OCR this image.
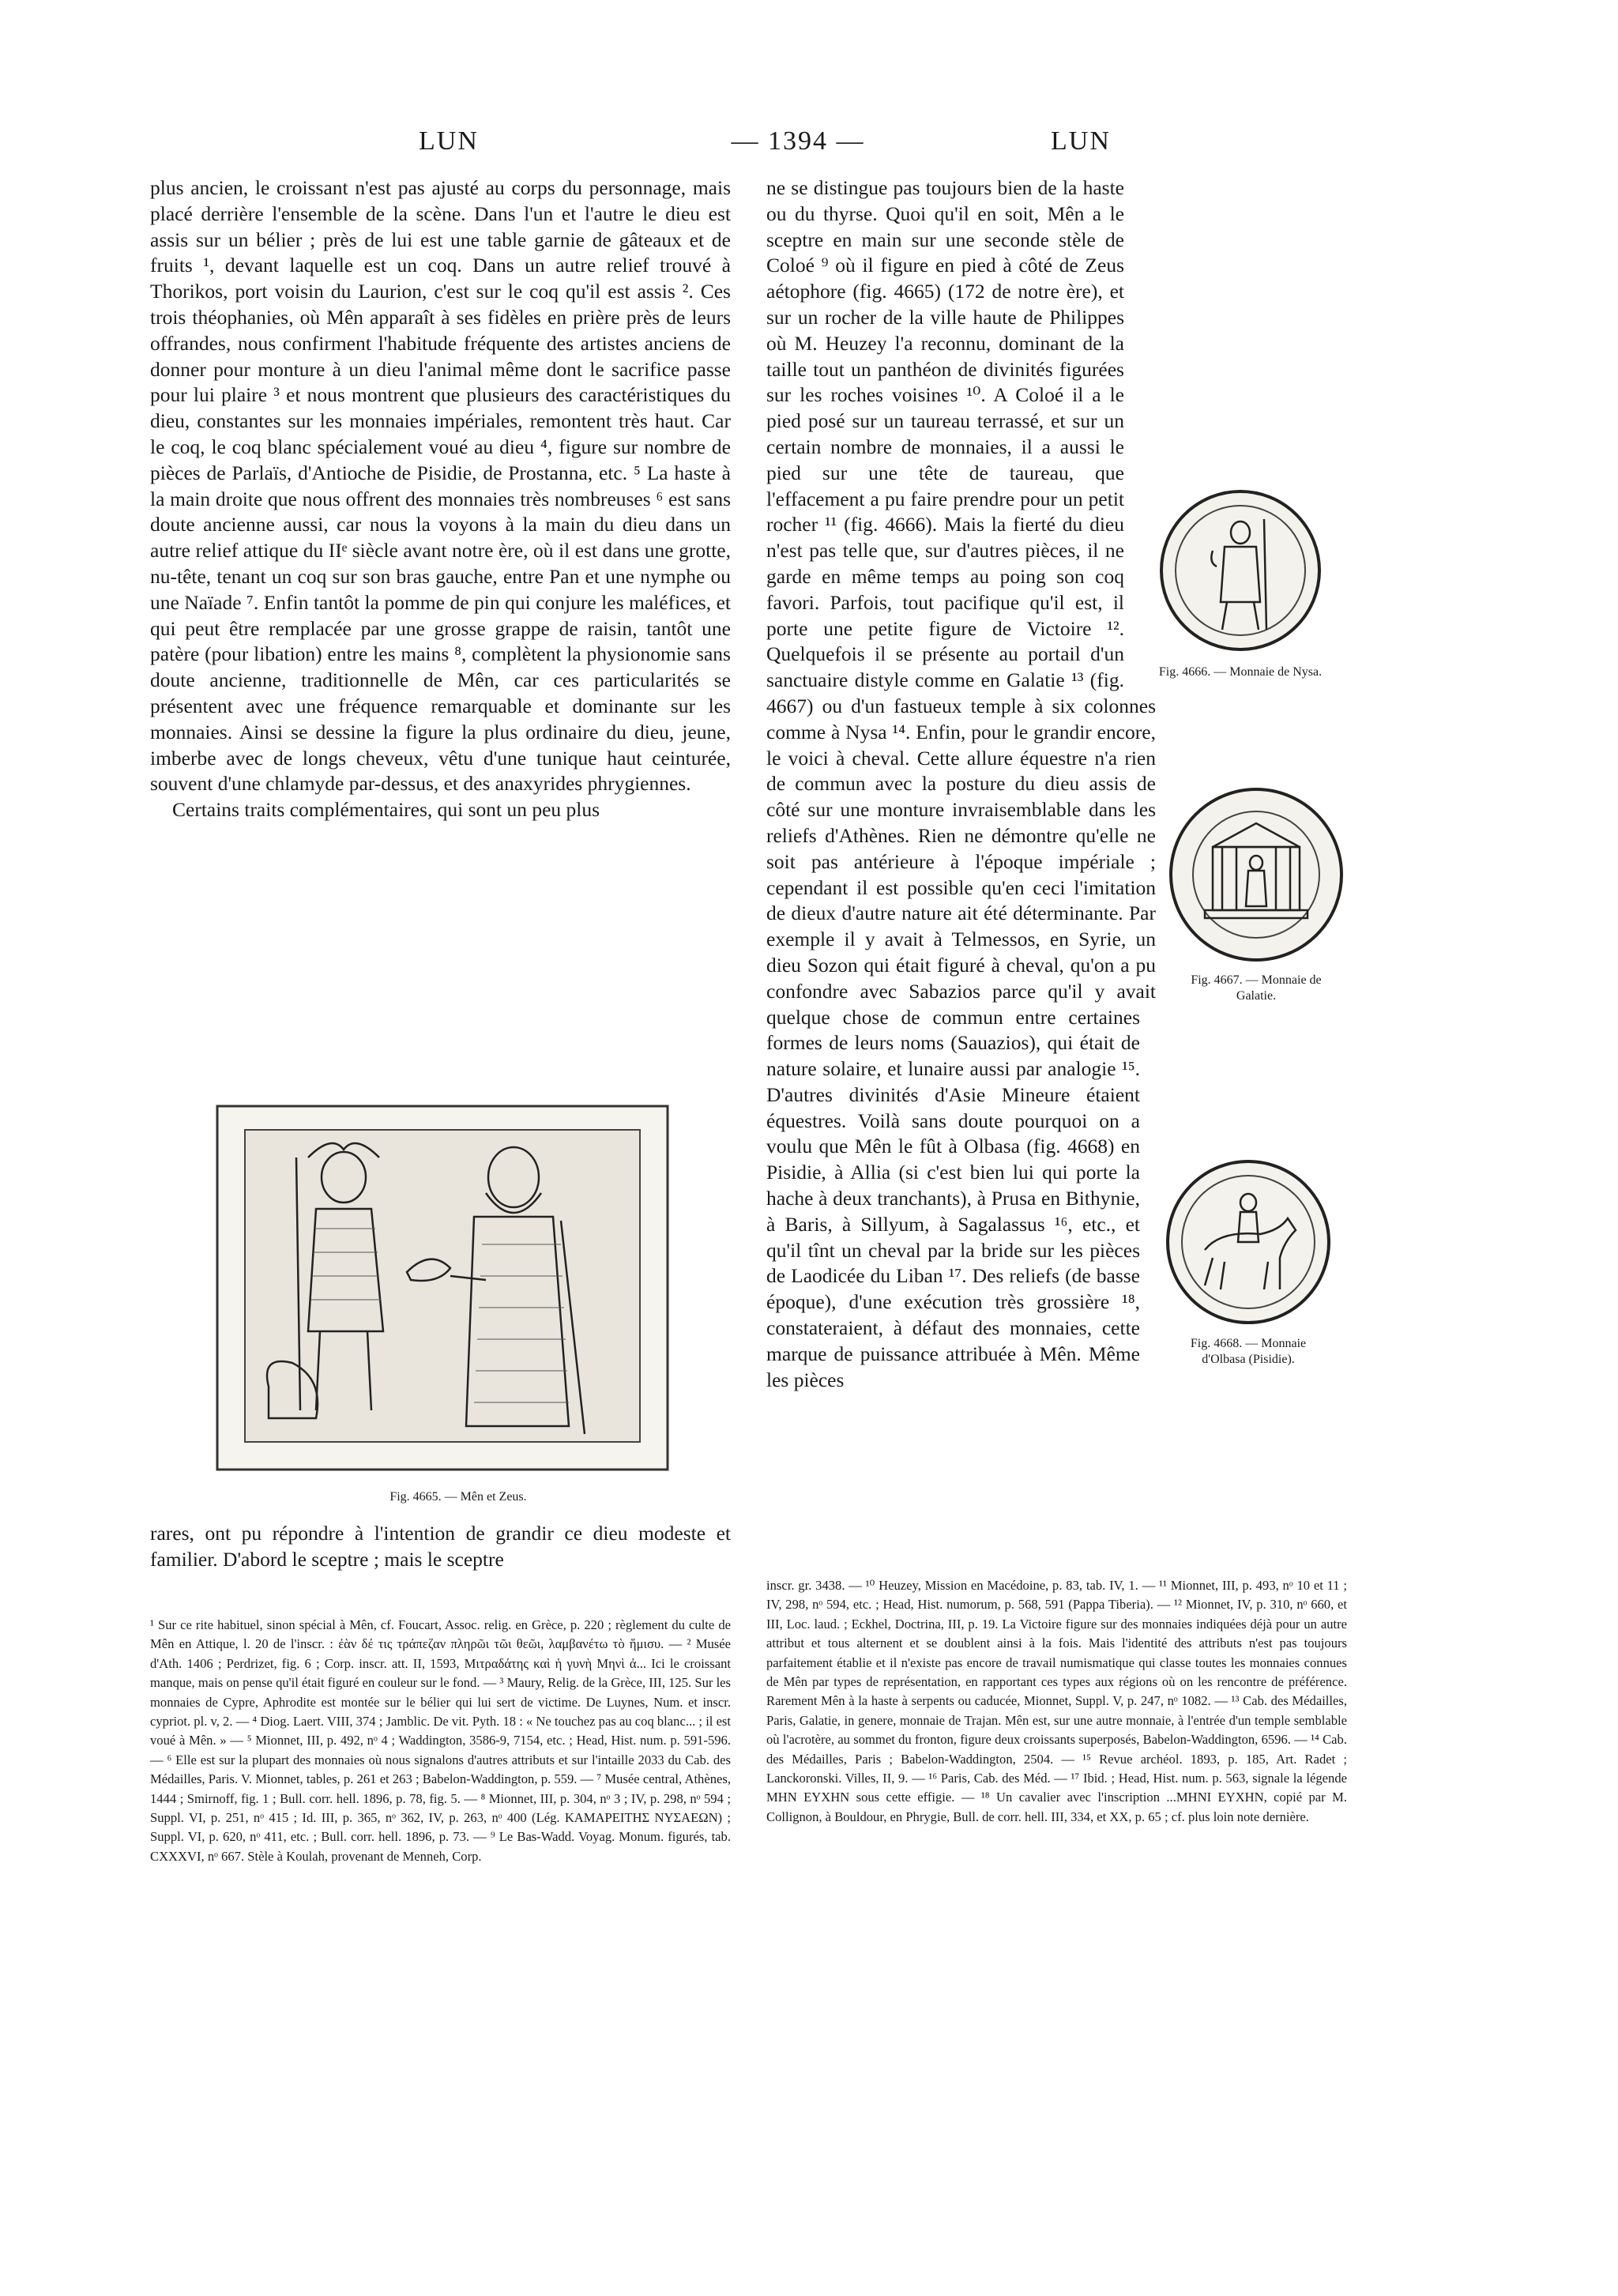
LUN	— 1394 —	LUN

plus ancien, le croissant n'est pas ajusté au corps du personnage, mais placé derrière l'ensemble de la scène. Dans l'un et l'autre le dieu est assis sur un bélier ; près de lui est une table garnie de gâteaux et de fruits ¹, devant laquelle est un coq. Dans un autre relief trouvé à Thorikos, port voisin du Laurion, c'est sur le coq qu'il est assis ². Ces trois théophanies, où Mên apparaît à ses fidèles en prière près de leurs offrandes, nous confirment l'habitude fréquente des artistes anciens de donner pour monture à un dieu l'animal même dont le sacrifice passe pour lui plaire ³ et nous montrent que plusieurs des caractéristiques du dieu, constantes sur les monnaies impériales, remontent très haut. Car le coq, le coq blanc spécialement voué au dieu ⁴, figure sur nombre de pièces de Parlaïs, d'Antioche de Pisidie, de Prostanna, etc. ⁵ La haste à la main droite que nous offrent des monnaies très nombreuses ⁶ est sans doute ancienne aussi, car nous la voyons à la main du dieu dans un autre relief attique du IIᵉ siècle avant notre ère, où il est dans une grotte, nu-tête, tenant un coq sur son bras gauche, entre Pan et une nymphe ou une Naïade ⁷. Enfin tantôt la pomme de pin qui conjure les maléfices, et qui peut être remplacée par une grosse grappe de raisin, tantôt une patère (pour libation) entre les mains ⁸, complètent la physionomie sans doute ancienne, traditionnelle de Mên, car ces particularités se présentent avec une fréquence remarquable et dominante sur les monnaies. Ainsi se dessine la figure la plus ordinaire du dieu, jeune, imberbe avec de longs cheveux, vêtu d'une tunique haut ceinturée, souvent d'une chlamyde par-dessus, et des anaxyrides phrygiennes.

Certains traits complémentaires, qui sont un peu plus

Fig. 4665. — Mên et Zeus.

rares, ont pu répondre à l'intention de grandir ce dieu modeste et familier. D'abord le sceptre ; mais le sceptre

¹ Sur ce rite habituel, sinon spécial à Mên, cf. Foucart, Assoc. relig. en Grèce, p. 220 ; règlement du culte de Mên en Attique, l. 20 de l'inscr. : ἐὰν δέ τις τράπεζαν πληρῶι τῶι θεῶι, λαμβανέτω τὸ ἥμισυ. — ² Musée d'Ath. 1406 ; Perdrizet, fig. 6 ; Corp. inscr. att. II, 1593, Μιτραδάτης καὶ ἡ γυνὴ Μηνὶ ἀ... Ici le croissant manque, mais on pense qu'il était figuré en couleur sur le fond. — ³ Maury, Relig. de la Grèce, III, 125. Sur les monnaies de Cypre, Aphrodite est montée sur le bélier qui lui sert de victime. De Luynes, Num. et inscr. cypriot. pl. v, 2. — ⁴ Diog. Laert. VIII, 374 ; Jamblic. De vit. Pyth. 18 : « Ne touchez pas au coq blanc... ; il est voué à Mên. » — ⁵ Mionnet, III, p. 492, nᵒ 4 ; Waddington, 3586-9, 7154, etc. ; Head, Hist. num. p. 591-596. — ⁶ Elle est sur la plupart des monnaies où nous signalons d'autres attributs et sur l'intaille 2033 du Cab. des Médailles, Paris. V. Mionnet, tables, p. 261 et 263 ; Babelon-Waddington, p. 559. — ⁷ Musée central, Athènes, 1444 ; Smirnoff, fig. 1 ; Bull. corr. hell. 1896, p. 78, fig. 5. — ⁸ Mionnet, III, p. 304, nᵒ 3 ; IV, p. 298, nᵒ 594 ; Suppl. VI, p. 251, nᵒ 415 ; Id. III, p. 365, nᵒ 362, IV, p. 263, nᵒ 400 (Lég. ΚΑΜΑΡΕΙΤΗΣ ΝΥΣΑΕΩΝ) ; Suppl. VI, p. 620, nᵒ 411, etc. ; Bull. corr. hell. 1896, p. 73. — ⁹ Le Bas-Wadd. Voyag. Monum. figurés, tab. CXXXVI, nᵒ 667. Stèle à Koulah, provenant de Menneh, Corp.
Fig. 4666. — Monnaie de Nysa.
Fig. 4667. — Monnaie de
Galatie.
Fig. 4668. — Monnaie
d'Olbasa (Pisidie).

ne se distingue pas toujours bien de la haste ou du thyrse. Quoi qu'il en soit, Mên a le sceptre en main sur une seconde stèle de Coloé ⁹ où il figure en pied à côté de Zeus aétophore (fig. 4665) (172 de notre ère), et sur un rocher de la ville haute de Philippes où M. Heuzey l'a reconnu, dominant de la taille tout un panthéon de divinités figurées sur les roches voisines ¹⁰. A Coloé il a le pied posé sur un taureau terrassé, et sur un certain nombre de monnaies, il a aussi le pied sur une tête de taureau, que l'effacement a pu faire prendre pour un petit rocher ¹¹ (fig. 4666). Mais la fierté du dieu n'est pas telle que, sur d'autres pièces, il ne garde en même temps au poing son coq favori. Parfois, tout pacifique qu'il est, il porte une petite figure de Victoire ¹². Quelquefois il se présente au portail d'un sanctuaire distyle comme en Galatie ¹³ (fig. 4667) ou d'un fastueux temple à six colonnes comme à Nysa ¹⁴. Enfin, pour le grandir encore, le voici à cheval. Cette allure équestre n'a rien de commun avec la posture du dieu assis de côté sur une monture invraisemblable dans les reliefs d'Athènes. Rien ne démontre qu'elle ne soit pas antérieure à l'époque impériale ; cependant il est possible qu'en ceci l'imitation de dieux d'autre nature ait été déterminante. Par exemple il y avait à Telmessos, en Syrie, un dieu Sozon qui était figuré à cheval, qu'on a pu confondre avec Sabazios parce qu'il y avait quelque chose de commun entre certaines formes de leurs noms (Sauazios), qui était de nature solaire, et lunaire aussi par analogie ¹⁵. D'autres divinités d'Asie Mineure étaient équestres. Voilà sans doute pourquoi on a voulu que Mên le fût à Olbasa (fig. 4668) en Pisidie, à Allia (si c'est bien lui qui porte la hache à deux tranchants), à Prusa en Bithynie, à Baris, à Sillyum, à Sagalassus ¹⁶, etc., et qu'il tînt un cheval par la bride sur les pièces de Laodicée du Liban ¹⁷. Des reliefs (de basse époque), d'une exécution très grossière ¹⁸, constateraient, à défaut des monnaies, cette marque de puissance attribuée à Mên. Même les pièces

inscr. gr. 3438. — ¹⁰ Heuzey, Mission en Macédoine, p. 83, tab. IV, 1. — ¹¹ Mionnet, III, p. 493, nᵒ 10 et 11 ; IV, 298, nᵒ 594, etc. ; Head, Hist. numorum, p. 568, 591 (Pappa Tiberia). — ¹² Mionnet, IV, p. 310, nᵒ 660, et III, Loc. laud. ; Eckhel, Doctrina, III, p. 19. La Victoire figure sur des monnaies indiquées déjà pour un autre attribut et tous alternent et se doublent ainsi à la fois. Mais l'identité des attributs n'est pas toujours parfaitement établie et il n'existe pas encore de travail numismatique qui classe toutes les monnaies connues de Mên par types de représentation, en rapportant ces types aux régions où on les rencontre de préférence. Rarement Mên à la haste à serpents ou caducée, Mionnet, Suppl. V, p. 247, nᵒ 1082. — ¹³ Cab. des Médailles, Paris, Galatie, in genere, monnaie de Trajan. Mên est, sur une autre monnaie, à l'entrée d'un temple semblable où l'acrotère, au sommet du fronton, figure deux croissants superposés, Babelon-Waddington, 6596. — ¹⁴ Cab. des Médailles, Paris ; Babelon-Waddington, 2504. — ¹⁵ Revue archéol. 1893, p. 185, Art. Radet ; Lanckoronski. Villes, II, 9. — ¹⁶ Paris, Cab. des Méd. — ¹⁷ Ibid. ; Head, Hist. num. p. 563, signale la légende ΜΗΝ ΕΥΧΗΝ sous cette effigie. — ¹⁸ Un cavalier avec l'inscription ...ΜΗΝΙ ΕΥΧΗΝ, copié par M. Collignon, à Bouldour, en Phrygie, Bull. de corr. hell. III, 334, et XX, p. 65 ; cf. plus loin note dernière.
